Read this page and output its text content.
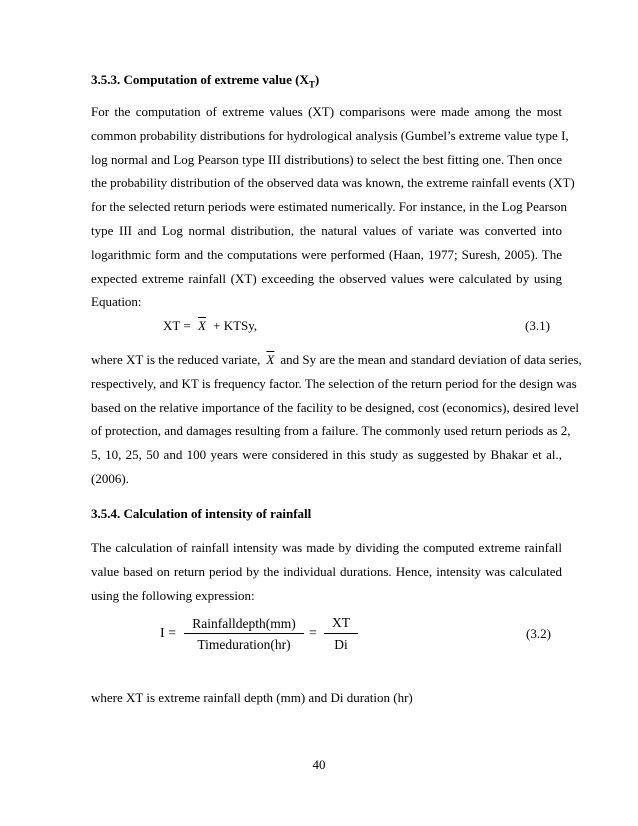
3.5.3. Computation of extreme value $(X_T)$
For the computation of extreme values (XT) comparisons were made among the most
common probability distributions for hydrological analysis (Gumbel’s extreme value type I,
log normal and Log Pearson type III distributions) to select the best fitting one. Then once
the probability distribution of the observed data was known, the extreme rainfall events (XT)
for the selected return periods were estimated numerically. For instance, in the Log Pearson
type III and Log normal distribution, the natural values of variate was converted into
logarithmic form and the computations were performed (Haan, 1977; Suresh, 2005). The
expected extreme rainfall (XT) exceeding the observed values were calculated by using
Equation:
XT = $\overline{X}$ + KTSy,	(3.1)
where XT is the reduced variate, $\overline{X}$ and Sy are the mean and standard deviation of data series,
respectively, and KT is frequency factor. The selection of the return period for the design was
based on the relative importance of the facility to be designed, cost (economics), desired level
of protection, and damages resulting from a failure. The commonly used return periods as 2,
5, 10, 25, 50 and 100 years were considered in this study as suggested by Bhakar et al.,
(2006).
3.5.4. Calculation of intensity of rainfall
The calculation of rainfall intensity was made by dividing the computed extreme rainfall
value based on return period by the individual durations. Hence, intensity was calculated
using the following expression:
I =
Rainfalldepth(mm)
Timeduration(hr)
=
XT
Di
(3.2)
where XT is extreme rainfall depth (mm) and Di duration (hr)
40
